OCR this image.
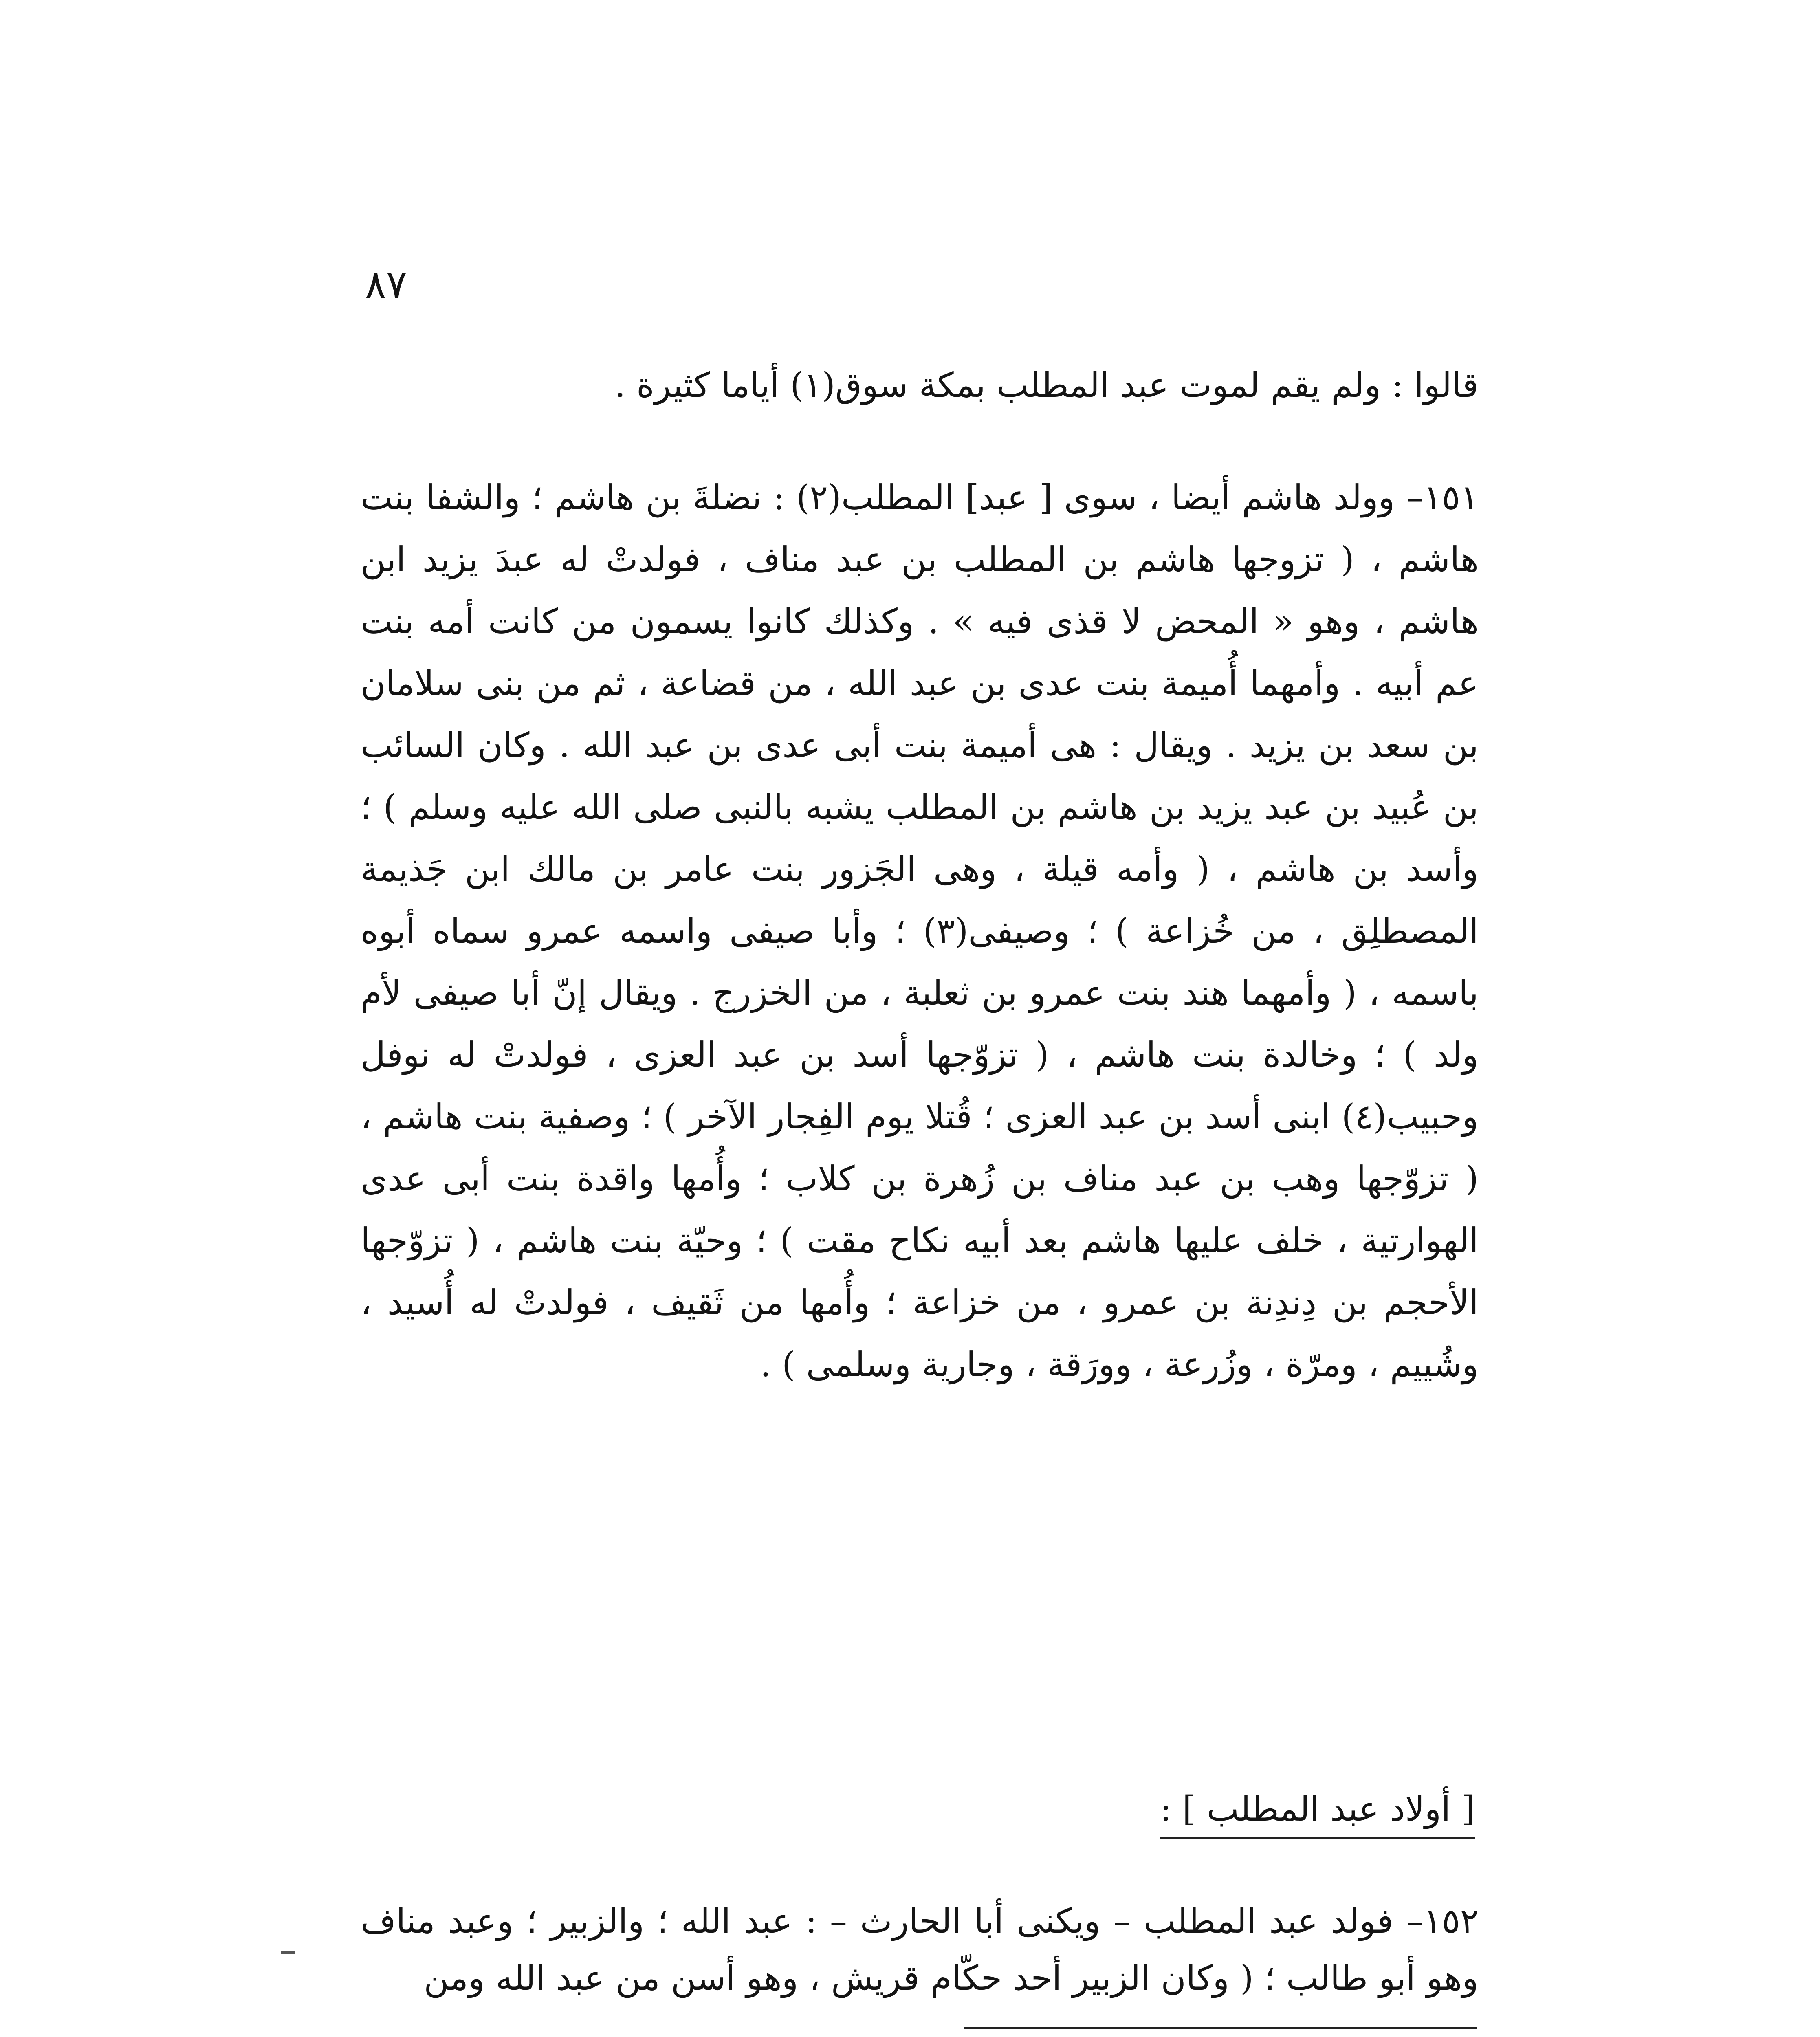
٨٧
قالوا : ولم يقم لموت عبد المطلب بمكة سوق(١) أياما كثيرة .

١٥١– وولد هاشم أيضا ، سوى [ عبد] المطلب(٢) : نضلةَ بن هاشم ؛ والشفا بنت هاشم ، ( تزوجها هاشم بن المطلب بن عبد مناف ، فولدتْ له عبدَ يزيد ابن هاشم ، وهو « المحض لا قذى فيه » . وكذلك كانوا يسمون من كانت أمه بنت عم أبيه . وأمهما أُميمة بنت عدى بن عبد الله ، من قضاعة ، ثم من بنى سلامان بن سعد بن يزيد . ويقال : هى أميمة بنت أبى عدى بن عبد الله . وكان السائب بن عُبيد بن عبد يزيد بن هاشم بن المطلب يشبه بالنبى صلى الله عليه وسلم ) ؛ وأسد بن هاشم ، ( وأمه قيلة ، وهى الجَزور بنت عامر بن مالك ابن جَذيمة المصطلِق ، من خُزاعة ) ؛ وصيفى(٣) ؛ وأبا صيفى واسمه عمرو سماه أبوه باسمه ، ( وأمهما هند بنت عمرو بن ثعلبة ، من الخزرج . ويقال إنّ أبا صيفى لأم ولد ) ؛ وخالدة بنت هاشم ، ( تزوّجها أسد بن عبد العزى ، فولدتْ له نوفل وحبيب(٤) ابنى أسد بن عبد العزى ؛ قُتلا يوم الفِجار الآخر ) ؛ وصفية بنت هاشم ، ( تزوّجها وهب بن عبد مناف بن زُهرة بن كلاب ؛ وأُمها واقدة بنت أبى عدى الهوارتية ، خلف عليها هاشم بعد أبيه نكاح مقت ) ؛ وحيّة بنت هاشم ، ( تزوّجها الأحجم بن دِندِنة بن عمرو ، من خزاعة ؛ وأُمها من ثَقيف ، فولدتْ له أُسيد ، وشُييم ، ومرّة ، وزُرعة ، وورَقة ، وجارية وسلمى ) .

[ أولاد عبد المطلب ] :

١٥٢– فولد عبد المطلب – ويكنى أبا الحارث – : عبد الله ؛ والزبير ؛ وعبد مناف وهو أبو طالب ؛ ( وكان الزبير أحد حكّام قريش ، وهو أسن من عبد الله ومن
